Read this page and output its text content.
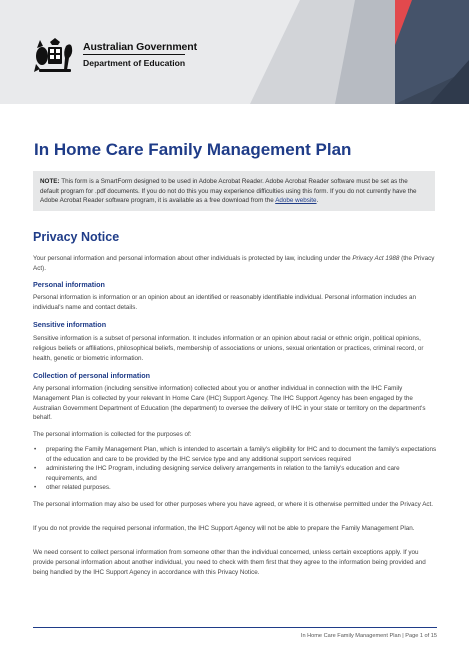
Australian Government
Department of Education
In Home Care Family Management Plan
NOTE: This form is a SmartForm designed to be used in Adobe Acrobat Reader. Adobe Acrobat Reader software must be set as the default program for .pdf documents. If you do not do this you may experience difficulties using this form. If you do not currently have the Adobe Acrobat Reader software program, it is available as a free download from the Adobe website.
Privacy Notice

Your personal information and personal information about other individuals is protected by law, including under the Privacy Act 1988 (the Privacy Act).

Personal information
Personal information is information or an opinion about an identified or reasonably identifiable individual. Personal information includes an individual's name and contact details.
Sensitive information
Sensitive information is a subset of personal information. It includes information or an opinion about racial or ethnic origin, political opinions, religious beliefs or affiliations, philosophical beliefs, membership of associations or unions, sexual orientation or practices, criminal record, or health, genetic or biometric information.
Collection of personal information
Any personal information (including sensitive information) collected about you or another individual in connection with the IHC Family Management Plan is collected by your relevant In Home Care (IHC) Support Agency. The IHC Support Agency has been engaged by the Australian Government Department of Education (the department) to oversee the delivery of IHC in your state or territory on the department's behalf.
The personal information is collected for the purposes of:
• preparing the Family Management Plan, which is intended to ascertain a family's eligibility for IHC and to document the family's expectations of the education and care to be provided by the IHC service type and any additional support services required
• administering the IHC Program, including designing service delivery arrangements in relation to the family's education and care requirements, and
• other related purposes.
The personal information may also be used for other purposes where you have agreed, or where it is otherwise permitted under the Privacy Act.
If you do not provide the required personal information, the IHC Support Agency will not be able to prepare the Family Management Plan.
We need consent to collect personal information from someone other than the individual concerned, unless certain exceptions apply. If you provide personal information about another individual, you need to check with them first that they agree to the information being provided and being handled by the IHC Support Agency in accordance with this Privacy Notice.
In Home Care Family Management Plan | Page 1 of 15
